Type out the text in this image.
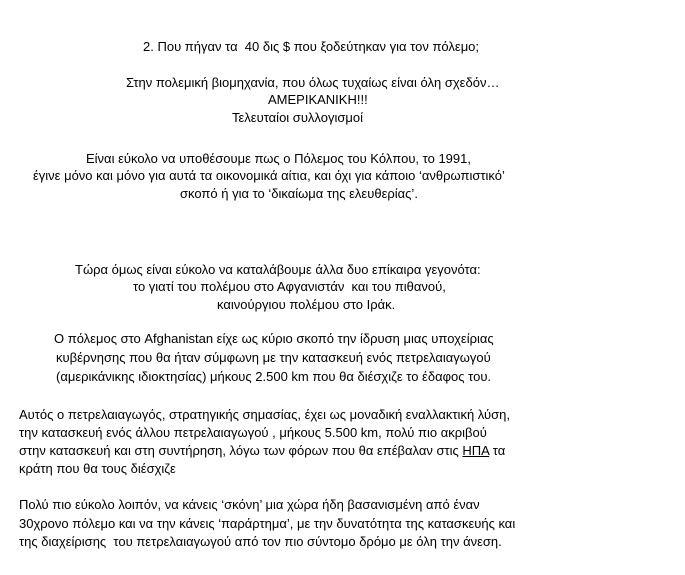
2. Που πήγαν τα  40 δις $ που ξοδεύτηκαν για τον πόλεμο;

Στην πολεμική βιομηχανία, που όλως τυχαίως είναι όλη σχεδόν…

ΑΜΕΡΙΚΑΝΙΚΗ!!!

Τελευταίοι συλλογισμοί

Είναι εύκολο να υποθέσουμε πως ο Πόλεμος του Κόλπου, το 1991,

έγινε μόνο και μόνο για αυτά τα οικονομικά αίτια, και όχι για κάποιο ‘ανθρωπιστικό’

σκοπό ή για το ‘δικαίωμα της ελευθερίας’.

Τώρα όμως είναι εύκολο να καταλάβουμε άλλα δυο επίκαιρα γεγονότα:

το γιατί του πολέμου στο Αφγανιστάν  και του πιθανού,

καινούργιου πολέμου στο Ιράκ.

Ο πόλεμος στο Afghanistan είχε ως κύριο σκοπό την ίδρυση μιας υποχείριας

κυβέρνησης που θα ήταν σύμφωνη με την κατασκευή ενός πετρελαιαγωγού

(αμερικάνικης ιδιοκτησίας) μήκους 2.500 km που θα διέσχιζε το έδαφος του.

Αυτός ο πετρελαιαγωγός, στρατηγικής σημασίας, έχει ως μοναδική εναλλακτική λύση,

την κατασκευή ενός άλλου πετρελαιαγωγού , μήκους 5.500 km, πολύ πιο ακριβού

στην κατασκευή και στη συντήρηση, λόγω των φόρων που θα επέβαλαν στις ΗΠΑ τα

κράτη που θα τους διέσχιζε

Πολύ πιο εύκολο λοιπόν, να κάνεις ‘σκόνη’ μια χώρα ήδη βασανισμένη από έναν

30χρονο πόλεμο και να την κάνεις ‘παράρτημα’, με την δυνατότητα της κατασκευής και

της διαχείρισης  του πετρελαιαγωγού από τον πιο σύντομο δρόμο με όλη την άνεση.
